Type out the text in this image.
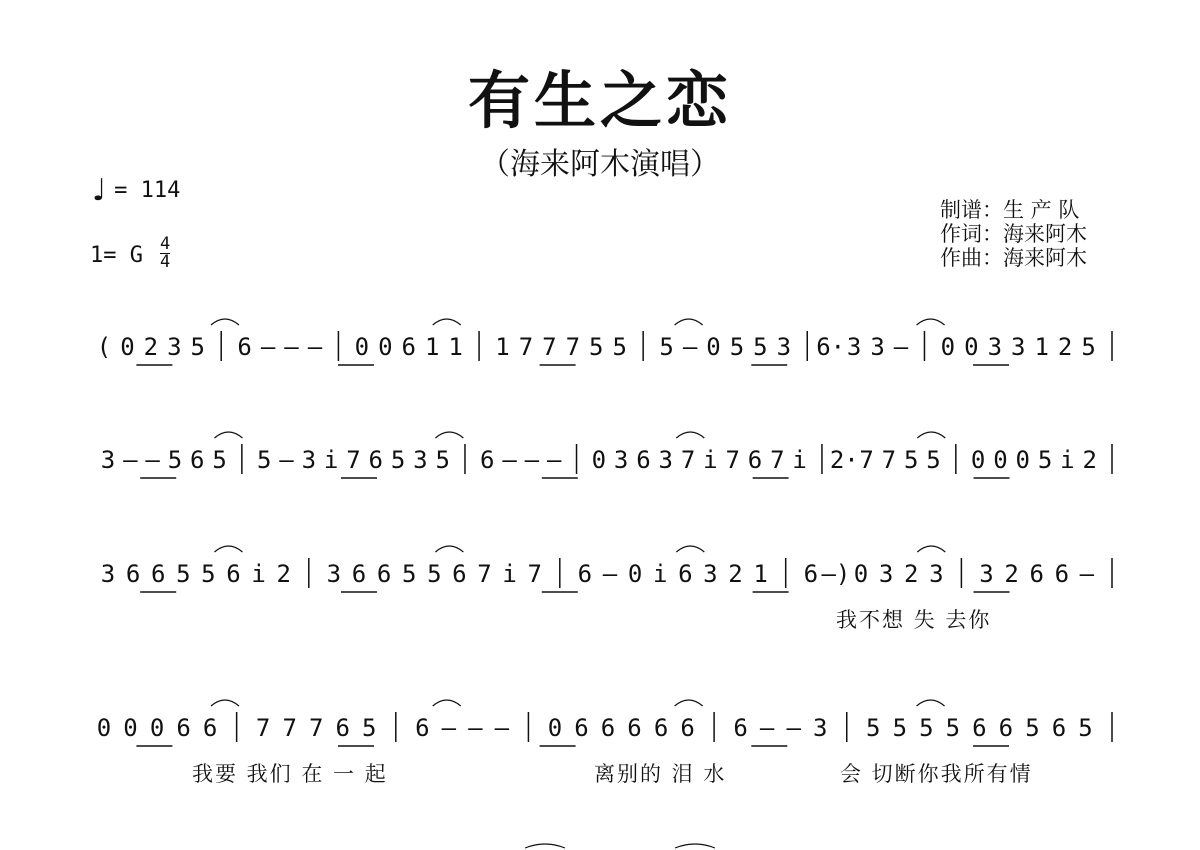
有生之恋
（海来阿木演唱）
♩ = 114
1= G 4
4
制谱：生 产 队
作词：海来阿木
作曲：海来阿木
( 0 2 3 5 6 – – – 0 0 6 1 1 1 7 7 7 5 5 5 – 0 5 5 3 6· 3 3 – 0 0 3 3 1 2 5
3 – – 5 6 5 5 – 3 i 7 6 5 3 5 6 – – – 0 3 6 3 7 i 7 6 7 i 2· 7 7 5 5 0 0 0 5 i 2
3 6 6 5 5 6 i 2 3 6 6 5 5 6 7 i 7 6 – 0 i 6 3 2 1 6 –) 0 3 2 3 3 2 6 6 –
0 0 0 6 6 7 7 7 6 5 6 – – – 0 6 6 6 6 6 6 – – 3 5 5 5 5 6 6 5 6 5
我不想 失 去你
我要 我们 在 一 起	离别的 泪 水	会 切断你我所有情
